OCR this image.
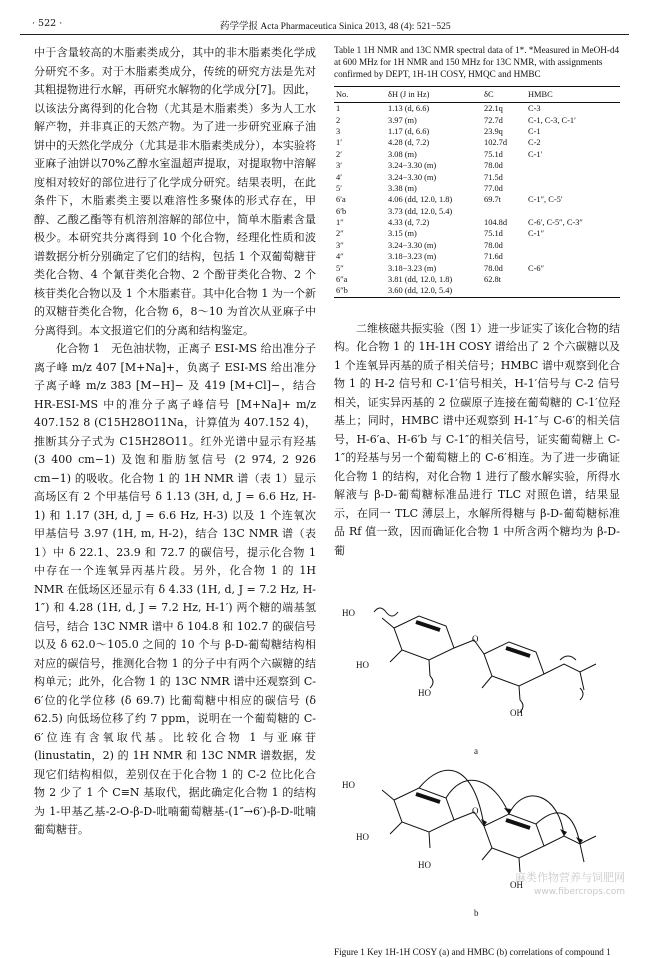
· 522 ·	药学学报 Acta Pharmaceutica Sinica 2013, 48 (4): 521−525

中于含量较高的木脂素类成分，其中的非木脂素类化学成分研究不多。对于木脂素类成分，传统的研究方法是先对其粗提物进行水解，再研究水解物的化学成分[7]。因此，以该法分离得到的化合物（尤其是木脂素类）多为人工水解产物，并非真正的天然产物。为了进一步研究亚麻子油饼中的天然化学成分（尤其是非木脂素类成分），本实验将亚麻子油饼以70%乙醇水室温超声提取，对提取物中溶解度相对较好的部位进行了化学成分研究。结果表明，在此条件下，木脂素类主要以难溶性多聚体的形式存在，甲醇、乙酸乙酯等有机溶剂溶解的部位中，简单木脂素含量极少。本研究共分离得到 10 个化合物，经理化性质和波谱数据分析分别确定了它们的结构，包括 1 个双葡萄糖苷类化合物、4 个氰苷类化合物、2 个酚苷类化合物、2 个核苷类化合物以及 1 个木脂素苷。其中化合物 1 为一个新的双糖苷类化合物，化合物 6，8～10 为首次从亚麻子中分离得到。本文报道它们的分离和结构鉴定。

化合物 1　无色油状物，正离子 ESI-MS 给出准分子离子峰 m/z 407 [M+Na]+，负离子 ESI-MS 给出准分子离子峰 m/z 383 [M−H]− 及 419 [M+Cl]−，结合 HR-ESI-MS 中的准分子离子峰信号 [M+Na]+ m/z 407.152 8 (C15H28O11Na，计算值为 407.152 4)，推断其分子式为 C15H28O11。红外光谱中显示有羟基 (3 400 cm−1) 及饱和脂肪氢信号 (2 974, 2 926 cm−1) 的吸收。化合物 1 的 1H NMR 谱（表 1）显示高场区有 2 个甲基信号 δ 1.13 (3H, d, J = 6.6 Hz, H-1) 和 1.17 (3H, d, J = 6.6 Hz, H-3) 以及 1 个连氧次甲基信号 3.97 (1H, m, H-2)，结合 13C NMR 谱（表 1）中 δ 22.1、23.9 和 72.7 的碳信号，提示化合物 1 中存在一个连氧异丙基片段。另外，化合物 1 的 1H NMR 在低场区还显示有 δ 4.33 (1H, d, J = 7.2 Hz, H-1″) 和 4.28 (1H, d, J = 7.2 Hz, H-1′) 两个糖的端基氢信号，结合 13C NMR 谱中 δ 104.8 和 102.7 的碳信号以及 δ 62.0～105.0 之间的 10 个与 β-D-葡萄糖结构相对应的碳信号，推测化合物 1 的分子中有两个六碳糖的结构单元；此外，化合物 1 的 13C NMR 谱中还观察到 C-6′位的化学位移 (δ 69.7) 比葡萄糖中相应的碳信号 (δ 62.5) 向低场位移了约 7 ppm，说明在一个葡萄糖的 C-6′位连有含氧取代基。比较化合物 1 与亚麻苷 (linustatin，2) 的 1H NMR 和 13C NMR 谱数据，发现它们结构相似，差别仅在于化合物 1 的 C-2 位比化合物 2 少了 1 个 C≡N 基取代，据此确定化合物 1 的结构为 1-甲基乙基-2-O-β-D-吡喃葡萄糖基-(1″→6′)-β-D-吡喃葡萄糖苷。

Table 1 1H NMR and 13C NMR spectral data of 1*. *Measured in MeOH-d4 at 600 MHz for 1H NMR and 150 MHz for 13C NMR, with assignments confirmed by DEPT, 1H-1H COSY, HMQC and HMBC
No.	δH (J in Hz)	δC	HMBC
1	1.13 (d, 6.6)	22.1q	C-3
2	3.97 (m)	72.7d	C-1, C-3, C-1′
3	1.17 (d, 6.6)	23.9q	C-1
1′	4.28 (d, 7.2)	102.7d	C-2
2′	3.08 (m)	75.1d	C-1′
3′	3.24−3.30 (m)	78.0d	
4′	3.24−3.30 (m)	71.5d	
5′	3.38 (m)	77.0d	
6′a	4.06 (dd, 12.0, 1.8)	69.7t	C-1″, C-5′
6′b	3.73 (dd, 12.0, 5.4)		
1″	4.33 (d, 7.2)	104.8d	C-6′, C-5″, C-3″
2″	3.15 (m)	75.1d	C-1″
3″	3.24−3.30 (m)	78.0d	
4″	3.18−3.23 (m)	71.6d	
5″	3.18−3.23 (m)	78.0d	C-6″
6″a	3.81 (dd, 12.0, 1.8)	62.8t	
6″b	3.60 (dd, 12.0, 5.4)		

二维核磁共振实验（图 1）进一步证实了该化合物的结构。化合物 1 的 1H-1H COSY 谱给出了 2 个六碳糖以及 1 个连氧异丙基的质子相关信号；HMBC 谱中观察到化合物 1 的 H-2 信号和 C-1′信号相关，H-1′信号与 C-2 信号相关，证实异丙基的 2 位碳原子连接在葡萄糖的 C-1′位羟基上；同时，HMBC 谱中还观察到 H-1″与 C-6′的相关信号，H-6′a、H-6′b 与 C-1″的相关信号，证实葡萄糖上 C-1″的羟基与另一个葡萄糖上的 C-6′相连。为了进一步确证化合物 1 的结构，对化合物 1 进行了酸水解实验，所得水解液与 β-D-葡萄糖标准品进行 TLC 对照色谱，结果显示，在同一 TLC 薄层上，水解所得糖与 β-D-葡萄糖标准品 Rf 值一致，因而确证化合物 1 中所含两个糖均为 β-D-葡

HO
HO
HO
O
OH
a
HO
HO
HO
O
OH
b
Figure 1 Key 1H-1H COSY (a) and HMBC (b) correlations of compound 1
麻类作物营养与饲肥网
www.fibercrops.com
